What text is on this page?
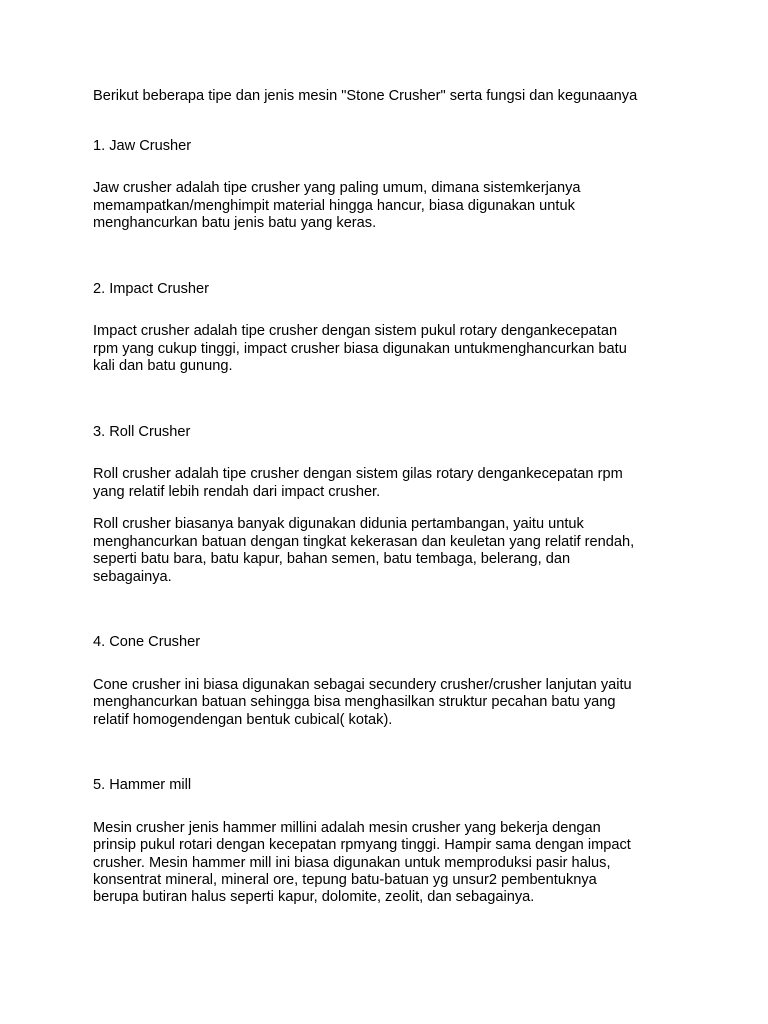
Berikut beberapa tipe dan jenis mesin "Stone Crusher" serta fungsi dan kegunaanya

1. Jaw Crusher

Jaw crusher adalah tipe crusher yang paling umum, dimana sistemkerjanya

memampatkan/menghimpit material hingga hancur, biasa digunakan untuk

menghancurkan batu jenis batu yang keras.

2. Impact Crusher

Impact crusher adalah tipe crusher dengan sistem pukul rotary dengankecepatan

rpm yang cukup tinggi, impact crusher biasa digunakan untukmenghancurkan batu

kali dan batu gunung.

3. Roll Crusher

Roll crusher adalah tipe crusher dengan sistem gilas rotary dengankecepatan rpm

yang relatif lebih rendah dari impact crusher.

Roll crusher biasanya banyak digunakan didunia pertambangan, yaitu untuk

menghancurkan batuan dengan tingkat kekerasan dan keuletan yang relatif rendah,

seperti batu bara, batu kapur, bahan semen, batu tembaga, belerang, dan

sebagainya.

4. Cone Crusher

Cone crusher ini biasa digunakan sebagai secundery crusher/crusher lanjutan yaitu

menghancurkan batuan sehingga bisa menghasilkan struktur pecahan batu yang

relatif homogendengan bentuk cubical( kotak).

5. Hammer mill

Mesin crusher jenis hammer millini adalah mesin crusher yang bekerja dengan

prinsip pukul rotari dengan kecepatan rpmyang tinggi. Hampir sama dengan impact

crusher. Mesin hammer mill ini biasa digunakan untuk memproduksi pasir halus,

konsentrat mineral, mineral ore, tepung batu-batuan yg unsur2 pembentuknya

berupa butiran halus seperti kapur, dolomite, zeolit, dan sebagainya.
